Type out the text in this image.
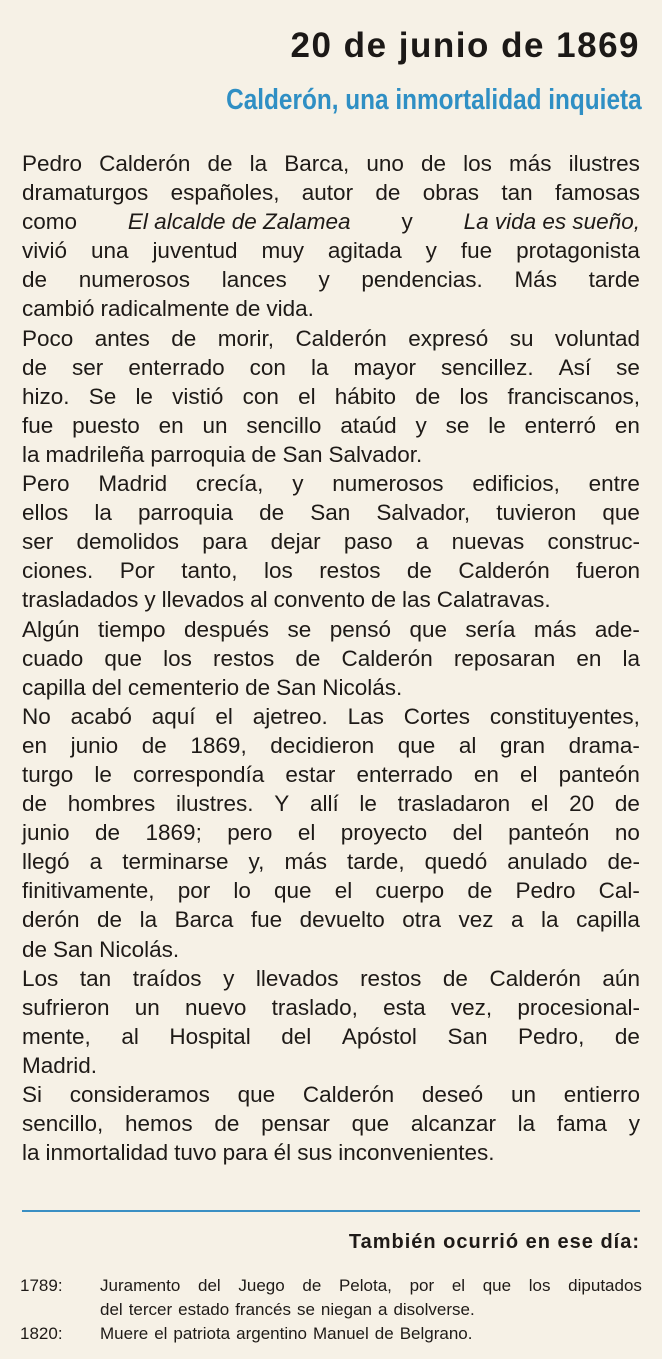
20 de junio de 1869
Calderón, una inmortalidad inquieta
Pedro Calderón de la Barca, uno de los más ilustres
dramaturgos españoles, autor de obras tan famosas
como El alcalde de Zalamea y La vida es sueño,
vivió una juventud muy agitada y fue protagonista
de numerosos lances y pendencias. Más tarde
cambió radicalmente de vida.
Poco antes de morir, Calderón expresó su voluntad
de ser enterrado con la mayor sencillez. Así se
hizo. Se le vistió con el hábito de los franciscanos,
fue puesto en un sencillo ataúd y se le enterró en
la madrileña parroquia de San Salvador.
Pero Madrid crecía, y numerosos edificios, entre
ellos la parroquia de San Salvador, tuvieron que
ser demolidos para dejar paso a nuevas construc-
ciones. Por tanto, los restos de Calderón fueron
trasladados y llevados al convento de las Calatravas.
Algún tiempo después se pensó que sería más ade-
cuado que los restos de Calderón reposaran en la
capilla del cementerio de San Nicolás.
No acabó aquí el ajetreo. Las Cortes constituyentes,
en junio de 1869, decidieron que al gran drama-
turgo le correspondía estar enterrado en el panteón
de hombres ilustres. Y allí le trasladaron el 20 de
junio de 1869; pero el proyecto del panteón no
llegó a terminarse y, más tarde, quedó anulado de-
finitivamente, por lo que el cuerpo de Pedro Cal-
derón de la Barca fue devuelto otra vez a la capilla
de San Nicolás.
Los tan traídos y llevados restos de Calderón aún
sufrieron un nuevo traslado, esta vez, procesional-
mente, al Hospital del Apóstol San Pedro, de
Madrid.
Si consideramos que Calderón deseó un entierro
sencillo, hemos de pensar que alcanzar la fama y
la inmortalidad tuvo para él sus inconvenientes.
También ocurrió en ese día:
1789:	Juramento del Juego de Pelota, por el que los diputados
del tercer estado francés se niegan a disolverse.
1820:	Muere el patriota argentino Manuel de Belgrano.
